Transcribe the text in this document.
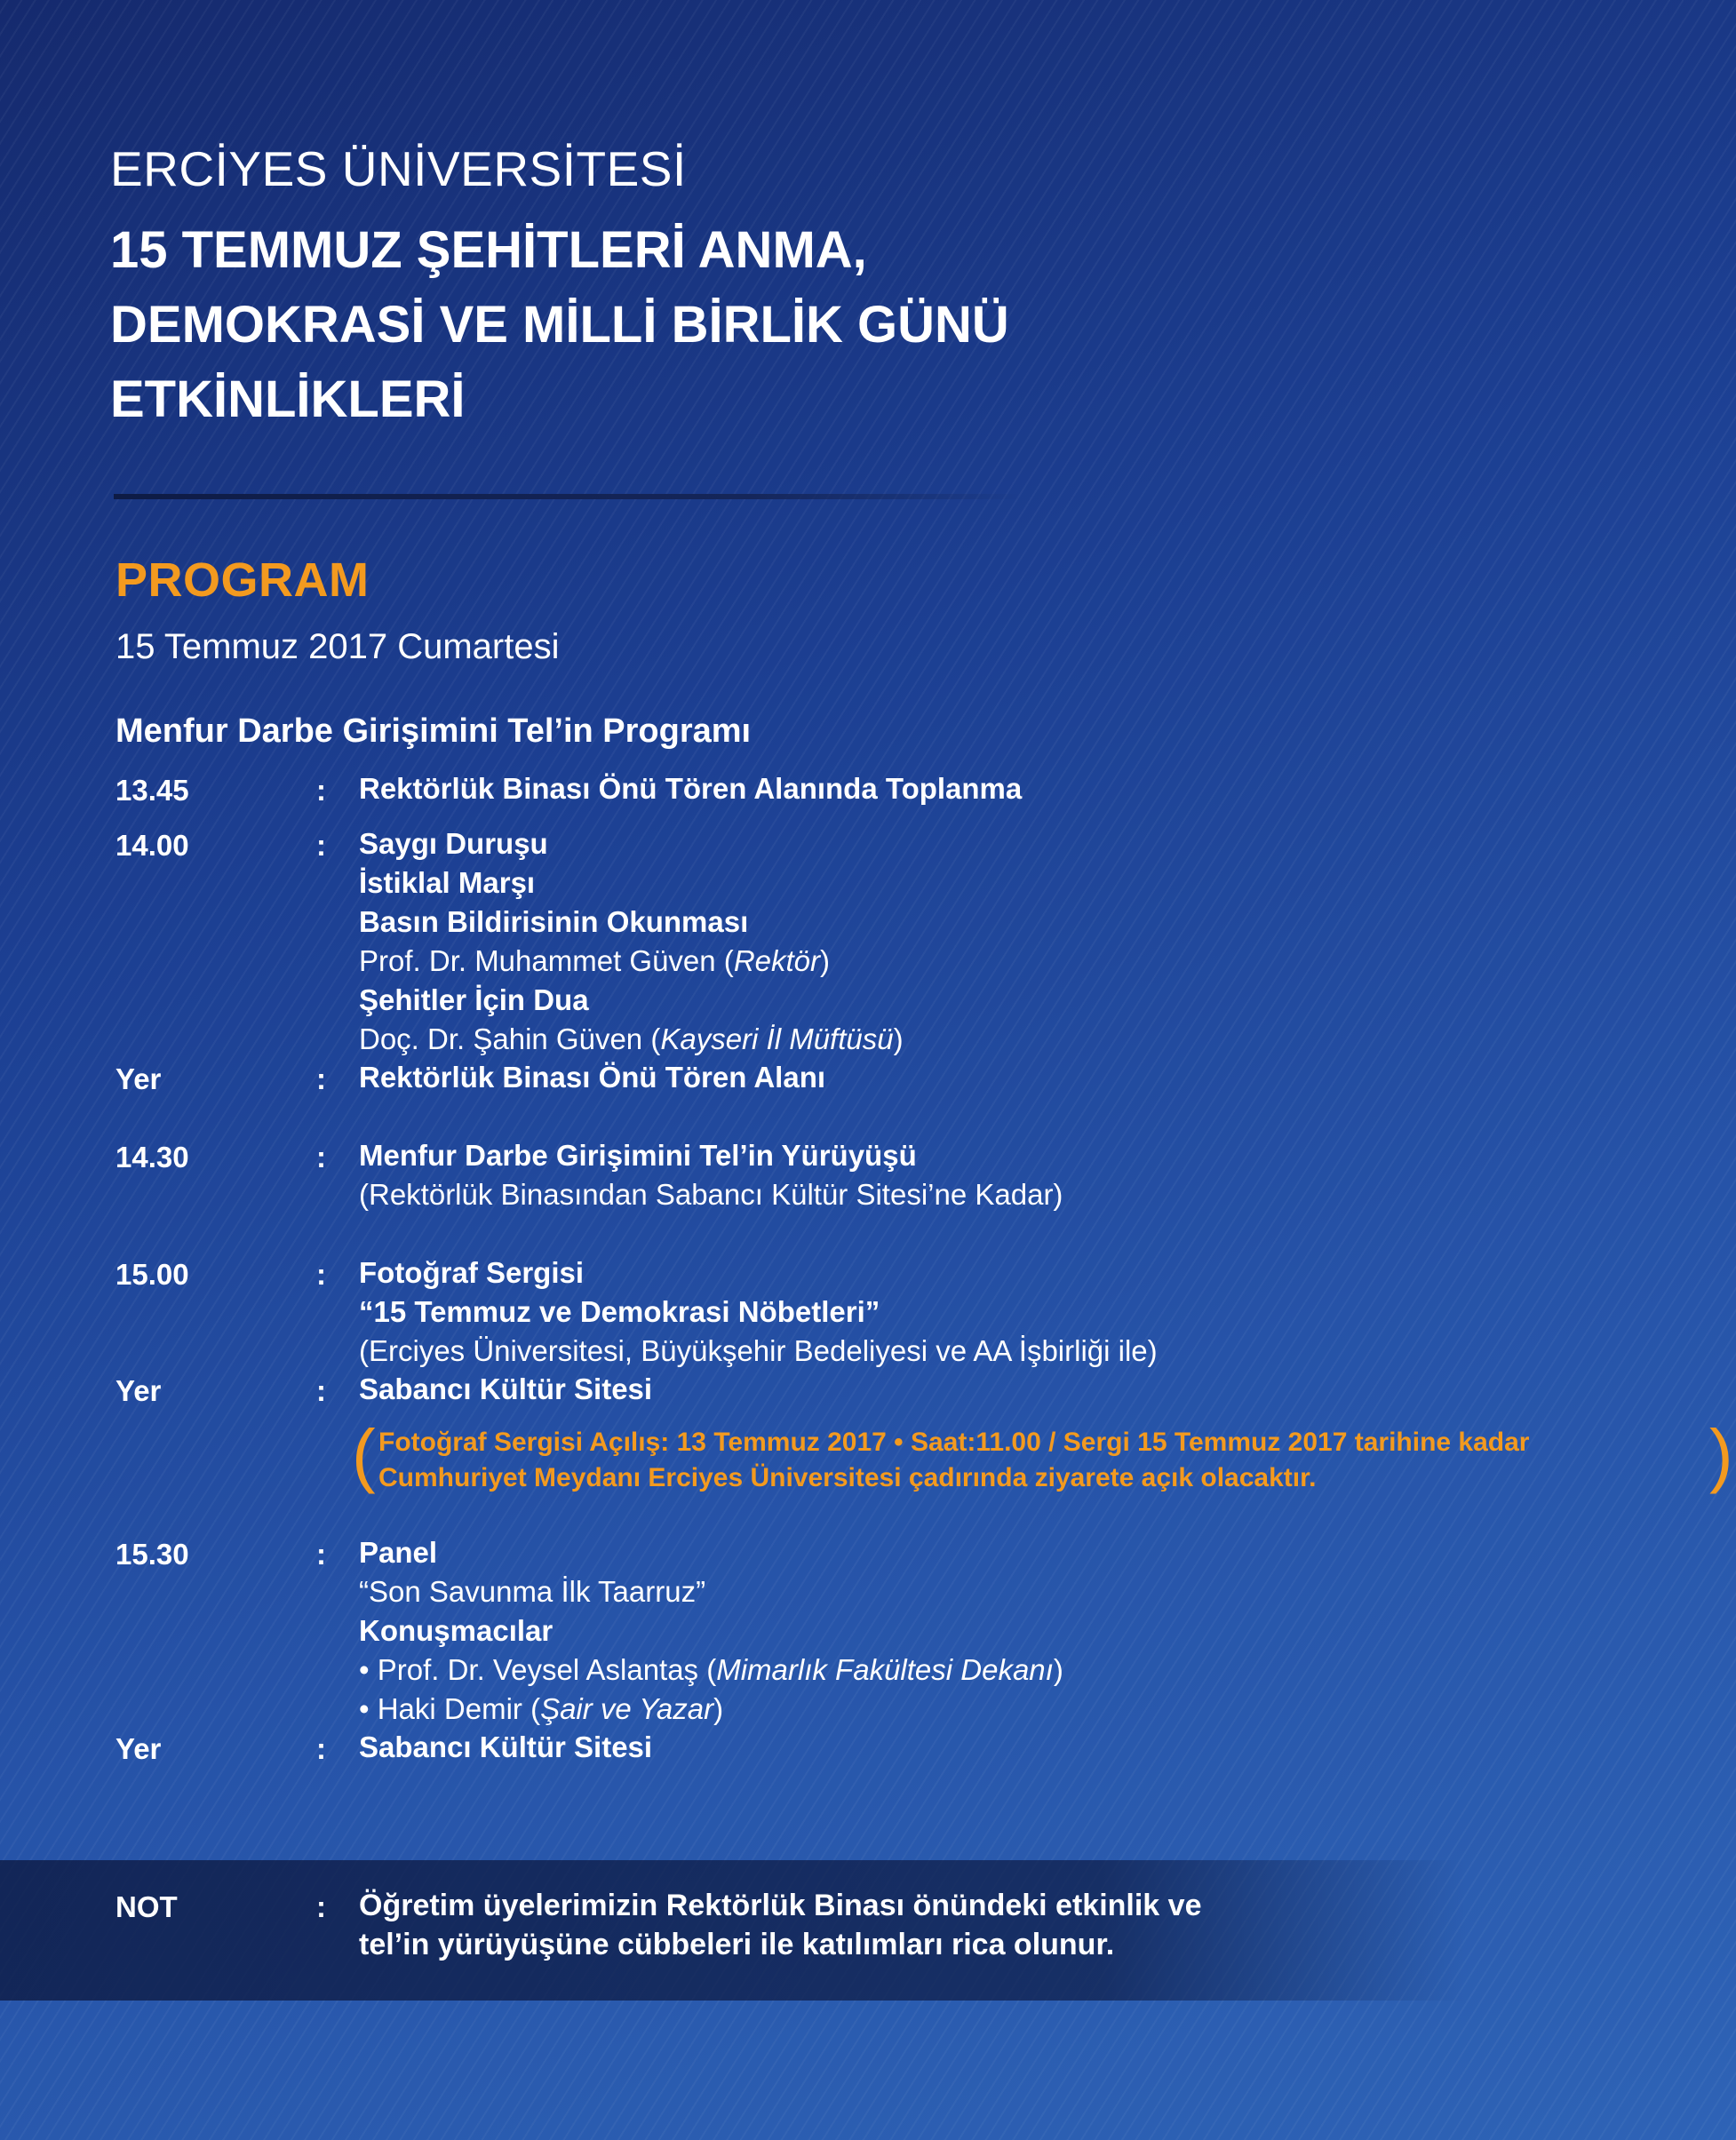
ERCİYES ÜNİVERSİTESİ
15 TEMMUZ ŞEHİTLERİ ANMA,
DEMOKRASİ VE MİLLİ BİRLİK GÜNÜ
ETKİNLİKLERİ
PROGRAM
15 Temmuz 2017 Cumartesi
Menfur Darbe Girişimini Tel’in Programı
13.45	: Rektörlük Binası Önü Tören Alanında Toplanma
14.00	: Saygı Duruşu
İstiklal Marşı
Basın Bildirisinin Okunması
Prof. Dr. Muhammet Güven (Rektör)
Şehitler İçin Dua
Doç. Dr. Şahin Güven (Kayseri İl Müftüsü)
Yer	: Rektörlük Binası Önü Tören Alanı
14.30	: Menfur Darbe Girişimini Tel’in Yürüyüşü
(Rektörlük Binasından Sabancı Kültür Sitesi’ne Kadar)
15.00	: Fotoğraf Sergisi
“15 Temmuz ve Demokrasi Nöbetleri”
(Erciyes Üniversitesi, Büyükşehir Bedeliyesi ve AA İşbirliği ile)
Yer	: Sabancı Kültür Sitesi
( Fotoğraf Sergisi Açılış: 13 Temmuz 2017 • Saat:11.00 / Sergi 15 Temmuz 2017 tarihine kadar
Cumhuriyet Meydanı Erciyes Üniversitesi çadırında ziyarete açık olacaktır.	)
15.30	: Panel
“Son Savunma İlk Taarruz”
Konuşmacılar
• Prof. Dr. Veysel Aslantaş (Mimarlık Fakültesi Dekanı)
• Haki Demir (Şair ve Yazar)
Yer	: Sabancı Kültür Sitesi
NOT	: Öğretim üyelerimizin Rektörlük Binası önündeki etkinlik ve
tel’in yürüyüşüne cübbeleri ile katılımları rica olunur.
